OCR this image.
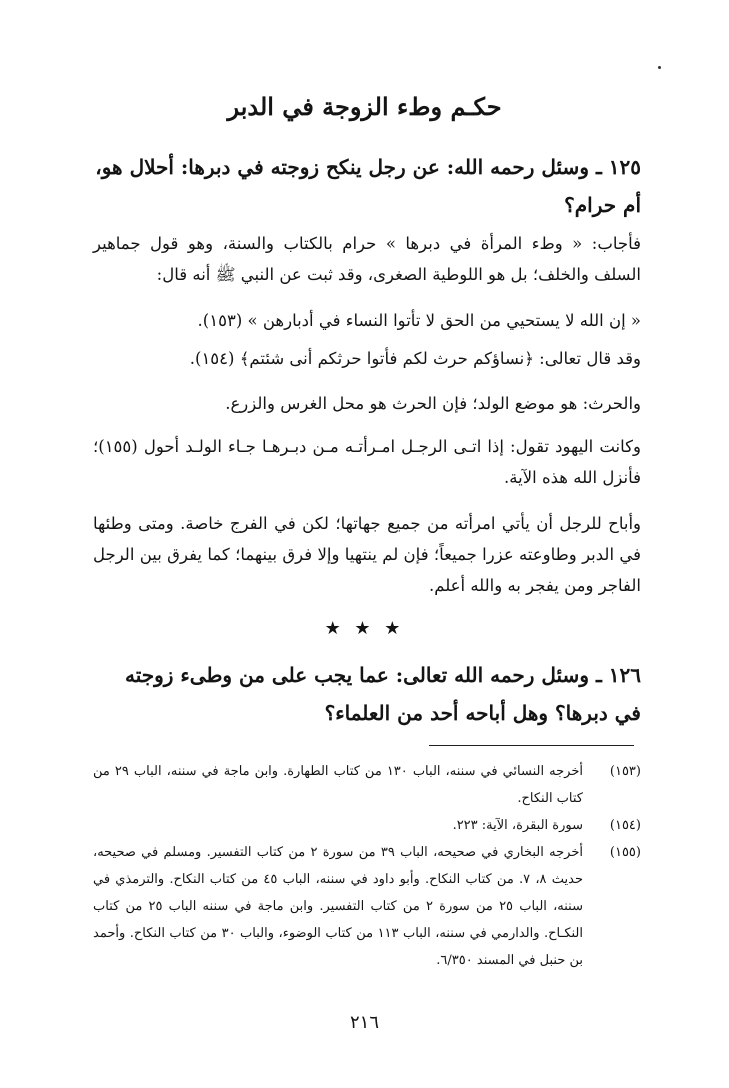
حكـم وطء الزوجة في الدبر
١٢٥ ـ وسئل رحمه الله: عن رجل ينكح زوجته في دبرها: أحلال هو، أم حرام؟
فأجاب: « وطء المرأة في دبرها » حرام بالكتاب والسنة، وهو قول جماهير السلف والخلف؛ بل هو اللوطية الصغرى، وقد ثبت عن النبي ﷺ أنه قال:
« إن الله لا يستحيي من الحق لا تأتوا النساء في أدبارهن » (١٥٣).
وقد قال تعالى: ﴿نساؤكم حرث لكم فأتوا حرثكم أنى شئتم﴾ (١٥٤).
والحرث: هو موضع الولد؛ فإن الحرث هو محل الغرس والزرع.
وكانت اليهود تقول: إذا اتـى الرجـل امـرأتـه مـن دبـرهـا جـاء الولـد أحول (١٥٥)؛ فأنزل الله هذه الآية.
وأباح للرجل أن يأتي امرأته من جميع جهاتها؛ لكن في الفرج خاصة. ومتى وطئها في الدبر وطاوعته عزرا جميعاً؛ فإن لم ينتهيا وإلا فرق بينهما؛ كما يفرق بين الرجل الفاجر ومن يفجر به والله أعلم.
★ ★ ★
١٢٦ ـ وسئل رحمه الله تعالى: عما يجب على من وطىء زوجته في دبرها؟ وهل أباحه أحد من العلماء؟
(١٥٣)
أخرجه النسائي في سننه، الباب ١٣٠ من كتاب الطهارة. وابن ماجة في سننه، الباب ٢٩ من كتاب النكاح.
(١٥٤)
سورة البقرة، الآية: ٢٢٣.
(١٥٥)
أخرجه البخاري في صحيحه، الباب ٣٩ من سورة ٢ من كتاب التفسير. ومسلم في صحيحه، حديث ٨، ٧. من كتاب النكاح. وأبو داود في سننه، الباب ٤٥ من كتاب النكاح. والترمذي في سننه، الباب ٢٥ من سورة ٢ من كتاب التفسير. وابن ماجة في سننه الباب ٢٥ من كتاب النكـاح. والدارمي في سننه، الباب ١١٣ من كتاب الوضوء، والباب ٣٠ من كتاب النكاح. وأحمد بن حنبل في المسند ٦/٣٥٠.
٢١٦
